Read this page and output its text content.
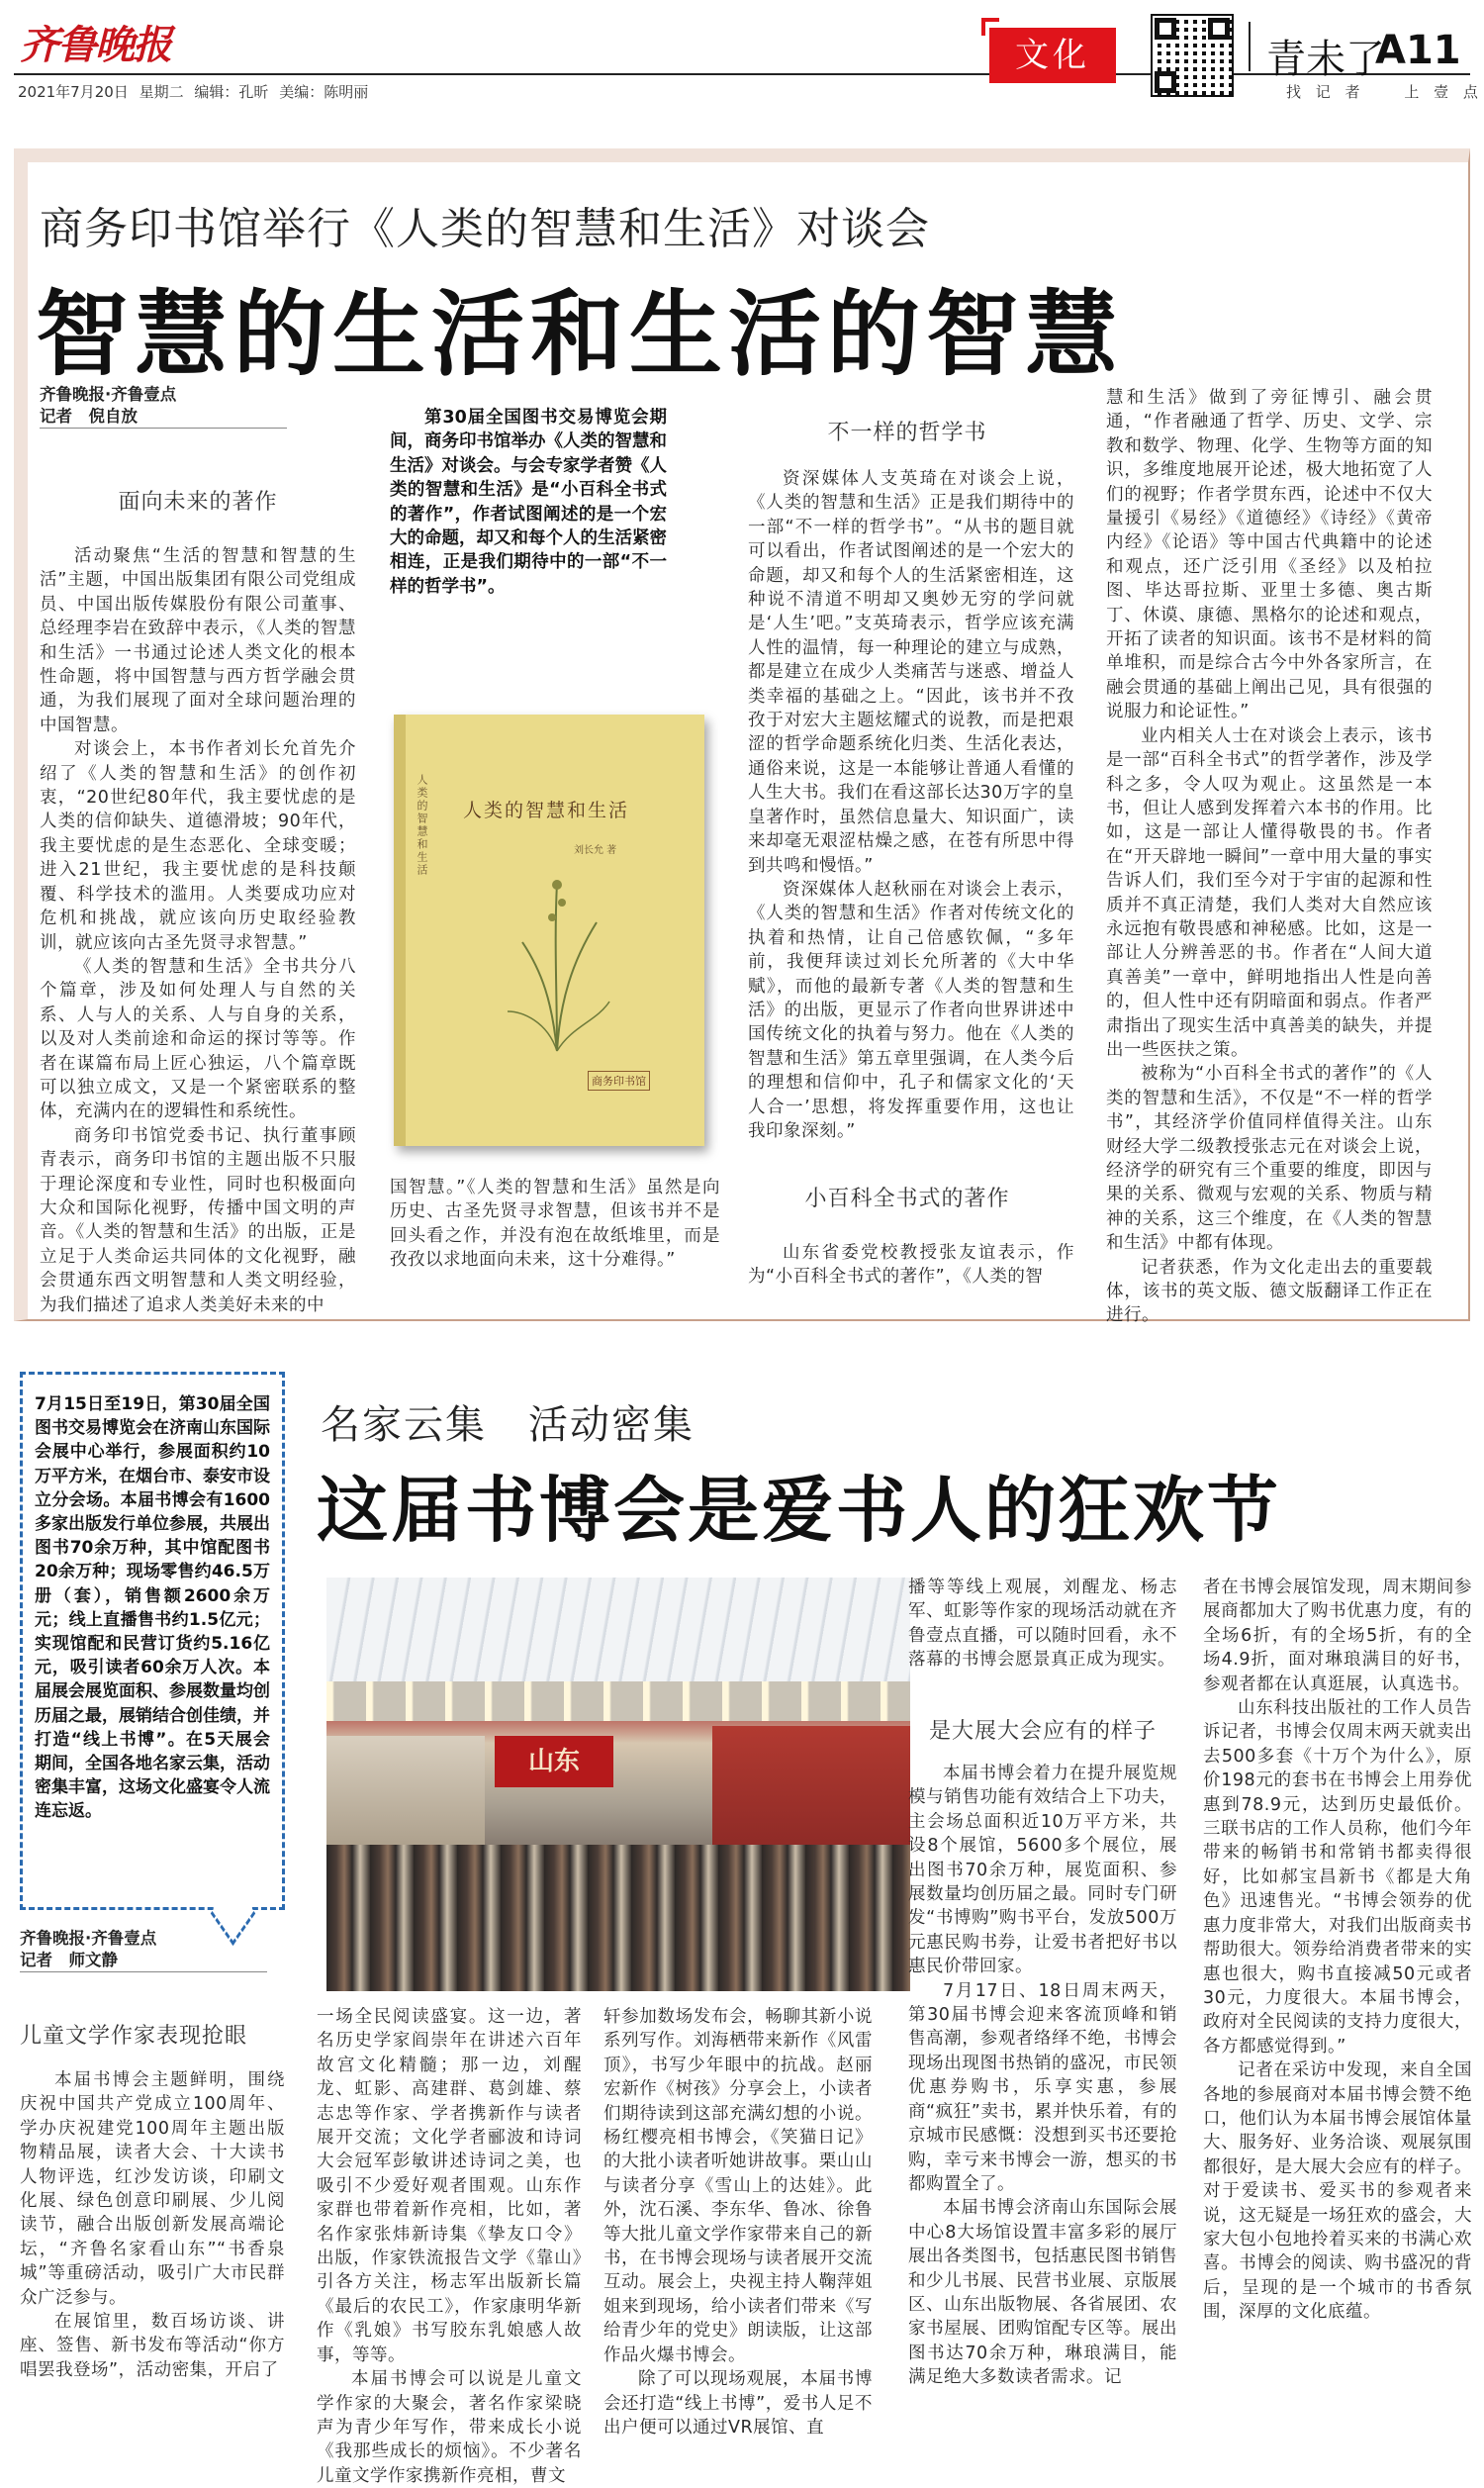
齐鲁晚报
2021年7月20日 星期二 编辑：孔昕 美编：陈明丽
文化	青未了
A11
找 记 者	上 壹 点
商务印书馆举行《人类的智慧和生活》对谈会
智慧的生活和生活的智慧
齐鲁晚报·齐鲁壹点
记者　倪自放
面向未来的著作

活动聚焦“生活的智慧和智慧的生活”主题，中国出版集团有限公司党组成员、中国出版传媒股份有限公司董事、总经理李岩在致辞中表示，《人类的智慧和生活》一书通过论述人类文化的根本性命题，将中国智慧与西方哲学融会贯通，为我们展现了面对全球问题治理的中国智慧。

对谈会上，本书作者刘长允首先介绍了《人类的智慧和生活》的创作初衷，“20世纪80年代，我主要忧虑的是人类的信仰缺失、道德滑坡；90年代，我主要忧虑的是生态恶化、全球变暖；进入21世纪，我主要忧虑的是科技颠覆、科学技术的滥用。人类要成功应对危机和挑战，就应该向历史取经验教训，就应该向古圣先贤寻求智慧。”

《人类的智慧和生活》全书共分八个篇章，涉及如何处理人与自然的关系、人与人的关系、人与自身的关系，以及对人类前途和命运的探讨等等。作者在谋篇布局上匠心独运，八个篇章既可以独立成文，又是一个紧密联系的整体，充满内在的逻辑性和系统性。

商务印书馆党委书记、执行董事顾青表示，商务印书馆的主题出版不只服于理论深度和专业性，同时也积极面向大众和国际化视野，传播中国文明的声音。《人类的智慧和生活》的出版，正是立足于人类命运共同体的文化视野，融会贯通东西文明智慧和人类文明经验，为我们描述了追求人类美好未来的中

第30届全国图书交易博览会期间，商务印书馆举办《人类的智慧和生活》对谈会。与会专家学者赞《人类的智慧和生活》是“小百科全书式的著作”，作者试图阐述的是一个宏大的命题，却又和每个人的生活紧密相连，正是我们期待中的一部“不一样的哲学书”。
人类的智慧和生活 人类的智慧和生活
刘长允 著
商务印书馆

国智慧。”《人类的智慧和生活》虽然是向历史、古圣先贤寻求智慧，但该书并不是回头看之作，并没有泡在故纸堆里，而是孜孜以求地面向未来，这十分难得。”

不一样的哲学书

资深媒体人支英琦在对谈会上说，《人类的智慧和生活》正是我们期待中的一部“不一样的哲学书”。“从书的题目就可以看出，作者试图阐述的是一个宏大的命题，却又和每个人的生活紧密相连，这种说不清道不明却又奥妙无穷的学问就是‘人生’吧。”支英琦表示，哲学应该充满人性的温情，每一种理论的建立与成熟，都是建立在成少人类痛苦与迷惑、增益人类幸福的基础之上。“因此，该书并不孜孜于对宏大主题炫耀式的说教，而是把艰涩的哲学命题系统化归类、生活化表达，通俗来说，这是一本能够让普通人看懂的人生大书。我们在看这部长达30万字的皇皇著作时，虽然信息量大、知识面广，读来却毫无艰涩枯燥之感，在苍有所思中得到共鸣和慢悟。”

资深媒体人赵秋丽在对谈会上表示，《人类的智慧和生活》作者对传统文化的执着和热情，让自己倍感钦佩，“多年前，我便拜读过刘长允所著的《大中华赋》，而他的最新专著《人类的智慧和生活》的出版，更显示了作者向世界讲述中国传统文化的执着与努力。他在《人类的智慧和生活》第五章里强调，在人类今后的理想和信仰中，孔子和儒家文化的‘天人合一’思想，将发挥重要作用，这也让我印象深刻。”

小百科全书式的著作

山东省委党校教授张友谊表示，作为“小百科全书式的著作”，《人类的智

慧和生活》做到了旁征博引、融会贯通，“作者融通了哲学、历史、文学、宗教和数学、物理、化学、生物等方面的知识，多维度地展开论述，极大地拓宽了人们的视野；作者学贯东西，论述中不仅大量援引《易经》《道德经》《诗经》《黄帝内经》《论语》等中国古代典籍中的论述和观点，还广泛引用《圣经》以及柏拉图、毕达哥拉斯、亚里士多德、奥古斯丁、休谟、康德、黑格尔的论述和观点，开拓了读者的知识面。该书不是材料的简单堆积，而是综合古今中外各家所言，在融会贯通的基础上阐出己见，具有很强的说服力和论证性。”

业内相关人士在对谈会上表示，该书是一部“百科全书式”的哲学著作，涉及学科之多，令人叹为观止。这虽然是一本书，但让人感到发挥着六本书的作用。比如，这是一部让人懂得敬畏的书。作者在“开天辟地一瞬间”一章中用大量的事实告诉人们，我们至今对于宇宙的起源和性质并不真正清楚，我们人类对大自然应该永远抱有敬畏感和神秘感。比如，这是一部让人分辨善恶的书。作者在“人间大道真善美”一章中，鲜明地指出人性是向善的，但人性中还有阴暗面和弱点。作者严肃指出了现实生活中真善美的缺失，并提出一些医扶之策。

被称为“小百科全书式的著作”的《人类的智慧和生活》，不仅是“不一样的哲学书”，其经济学价值同样值得关注。山东财经大学二级教授张志元在对谈会上说，经济学的研究有三个重要的维度，即因与果的关系、微观与宏观的关系、物质与精神的关系，这三个维度，在《人类的智慧和生活》中都有体现。

记者获悉，作为文化走出去的重要载体，该书的英文版、德文版翻译工作正在进行。

7月15日至19日，第30届全国图书交易博览会在济南山东国际会展中心举行，参展面积约10万平方米，在烟台市、泰安市设立分会场。本届书博会有1600多家出版发行单位参展，共展出图书70余万种，其中馆配图书20余万种；现场零售约46.5万册（套），销售额2600余万元；线上直播售书约1.5亿元；实现馆配和民营订货约5.16亿元，吸引读者60余万人次。本届展会展览面积、参展数量均创历届之最，展销结合创佳绩，并打造“线上书博”。在5天展会期间，全国各地名家云集，活动密集丰富，这场文化盛宴令人流连忘返。
名家云集　活动密集
这届书博会是爱书人的狂欢节
山东
齐鲁晚报·齐鲁壹点
记者　师文静
儿童文学作家表现抢眼

本届书博会主题鲜明，围绕庆祝中国共产党成立100周年、学办庆祝建党100周年主题出版物精品展，读者大会、十大读书人物评选，红沙发访谈，印刷文化展、绿色创意印刷展、少儿阅读节，融合出版创新发展高端论坛，“齐鲁名家看山东”“书香泉城”等重磅活动，吸引广大市民群众广泛参与。

在展馆里，数百场访谈、讲座、签售、新书发布等活动“你方唱罢我登场”，活动密集，开启了

一场全民阅读盛宴。这一边，著名历史学家阎崇年在讲述六百年故宫文化精髓；那一边，刘醒龙、虹影、高建群、葛剑雄、蔡志忠等作家、学者携新作与读者展开交流；文化学者郦波和诗词大会冠军彭敏讲述诗词之美，也吸引不少爱好观者围观。山东作家群也带着新作亮相，比如，著名作家张炜新诗集《挚友口令》出版，作家铁流报告文学《靠山》引各方关注，杨志军出版新长篇《最后的农民工》，作家康明华新作《乳娘》书写胶东乳娘感人故事，等等。

本届书博会可以说是儿童文学作家的大聚会，著名作家梁晓声为青少年写作，带来成长小说《我那些成长的烦恼》。不少著名儿童文学作家携新作亮相，曹文

轩参加数场发布会，畅聊其新小说系列写作。刘海栖带来新作《风雷顶》，书写少年眼中的抗战。赵丽宏新作《树孩》分享会上，小读者们期待读到这部充满幻想的小说。杨红樱亮相书博会，《笑猫日记》的大批小读者听她讲故事。栗山山与读者分享《雪山上的达娃》。此外，沈石溪、李东华、鲁冰、徐鲁等大批儿童文学作家带来自己的新书，在书博会现场与读者展开交流互动。展会上，央视主持人鞠萍姐姐来到现场，给小读者们带来《写给青少年的党史》朗读版，让这部作品火爆书博会。

除了可以现场观展，本届书博会还打造“线上书博”，爱书人足不出户便可以通过VR展馆、直

播等等线上观展，刘醒龙、杨志军、虹影等作家的现场活动就在齐鲁壹点直播，可以随时回看，永不落幕的书博会愿景真正成为现实。

是大展大会应有的样子

本届书博会着力在提升展览规模与销售功能有效结合上下功夫，主会场总面积近10万平方米，共设8个展馆，5600多个展位，展出图书70余万种，展览面积、参展数量均创历届之最。同时专门研发“书博购”购书平台，发放500万元惠民购书券，让爱书者把好书以惠民价带回家。

7月17日、18日周末两天，第30届书博会迎来客流顶峰和销售高潮，参观者络绎不绝，书博会现场出现图书热销的盛况，市民领优惠券购书，乐享实惠，参展商“疯狂”卖书，累并快乐着，有的京城市民感慨：没想到买书还要抢购，幸亏来书博会一游，想买的书都购置全了。

本届书博会济南山东国际会展中心8大场馆设置丰富多彩的展厅展出各类图书，包括惠民图书销售和少儿书展、民营书业展、京版展区、山东出版物展、各省展团、农家书屋展、团购馆配专区等。展出图书达70余万种，琳琅满目，能满足绝大多数读者需求。记

者在书博会展馆发现，周末期间参展商都加大了购书优惠力度，有的全场6折，有的全场5折，有的全场4.9折，面对琳琅满目的好书，参观者都在认真逛展，认真选书。

山东科技出版社的工作人员告诉记者，书博会仅周末两天就卖出去500多套《十万个为什么》，原价198元的套书在书博会上用券优惠到78.9元，达到历史最低价。三联书店的工作人员称，他们今年带来的畅销书和常销书都卖得很好，比如郝宝昌新书《都是大角色》迅速售光。“书博会领券的优惠力度非常大，对我们出版商卖书帮助很大。领券给消费者带来的实惠也很大，购书直接减50元或者30元，力度很大。本届书博会，政府对全民阅读的支持力度很大，各方都感觉得到。”

记者在采访中发现，来自全国各地的参展商对本届书博会赞不绝口，他们认为本届书博会展馆体量大、服务好、业务洽谈、观展氛围都很好，是大展大会应有的样子。对于爱读书、爱买书的参观者来说，这无疑是一场狂欢的盛会，大家大包小包地拎着买来的书满心欢喜。书博会的阅读、购书盛况的背后，呈现的是一个城市的书香氛围，深厚的文化底蕴。
